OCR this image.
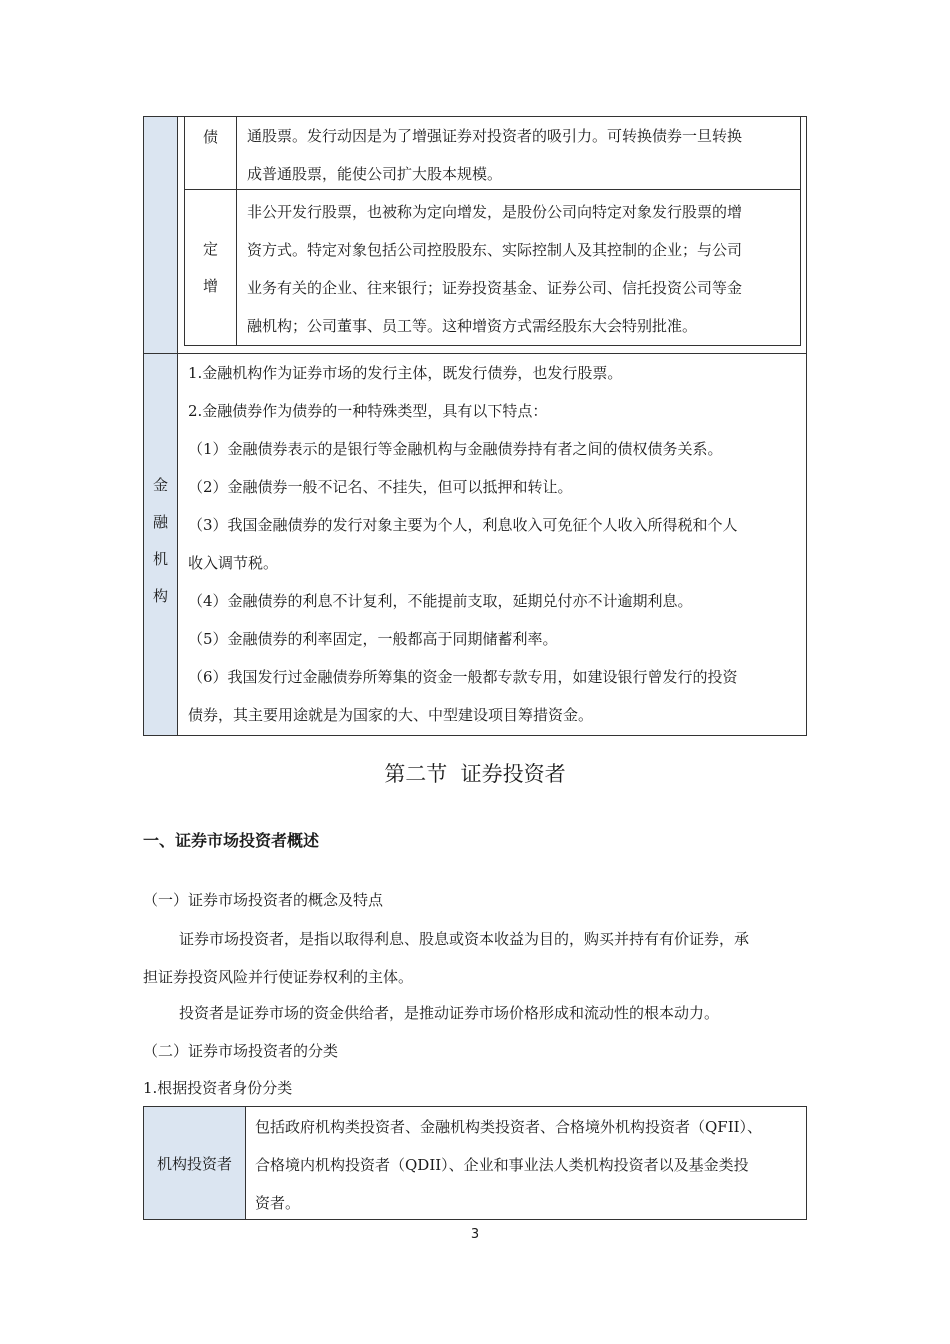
债 通股票。发行动因是为了增强证券对投资者的吸引力。可转换债券一旦转换

成普通股票，能使公司扩大股本规模。

定
增

非公开发行股票，也被称为定向增发，是股份公司向特定对象发行股票的增

资方式。特定对象包括公司控股股东、实际控制人及其控制的企业；与公司

业务有关的企业、往来银行；证券投资基金、证券公司、信托投资公司等金

融机构；公司董事、员工等。这种增资方式需经股东大会特别批准。

金
融
机
构

1.金融机构作为证券市场的发行主体，既发行债券，也发行股票。

2.金融债券作为债券的一种特殊类型，具有以下特点：

（1）金融债券表示的是银行等金融机构与金融债券持有者之间的债权债务关系。

（2）金融债券一般不记名、不挂失，但可以抵押和转让。

（3）我国金融债券的发行对象主要为个人，利息收入可免征个人收入所得税和个人

收入调节税。

（4）金融债券的利息不计复利，不能提前支取，延期兑付亦不计逾期利息。

（5）金融债券的利率固定，一般都高于同期储蓄利率。

（6）我国发行过金融债券所筹集的资金一般都专款专用，如建设银行曾发行的投资

债券，其主要用途就是为国家的大、中型建设项目筹措资金。

第二节  证券投资者
一、证券市场投资者概述
（一）证券市场投资者的概念及特点

证券市场投资者，是指以取得利息、股息或资本收益为目的，购买并持有有价证券，承

担证券投资风险并行使证券权利的主体。

投资者是证券市场的资金供给者，是推动证券市场价格形成和流动性的根本动力。
（二）证券市场投资者的分类
1.根据投资者身份分类
机构投资者

包括政府机构类投资者、金融机构类投资者、合格境外机构投资者（QFII）、

合格境内机构投资者（QDII）、企业和事业法人类机构投资者以及基金类投

资者。

3
